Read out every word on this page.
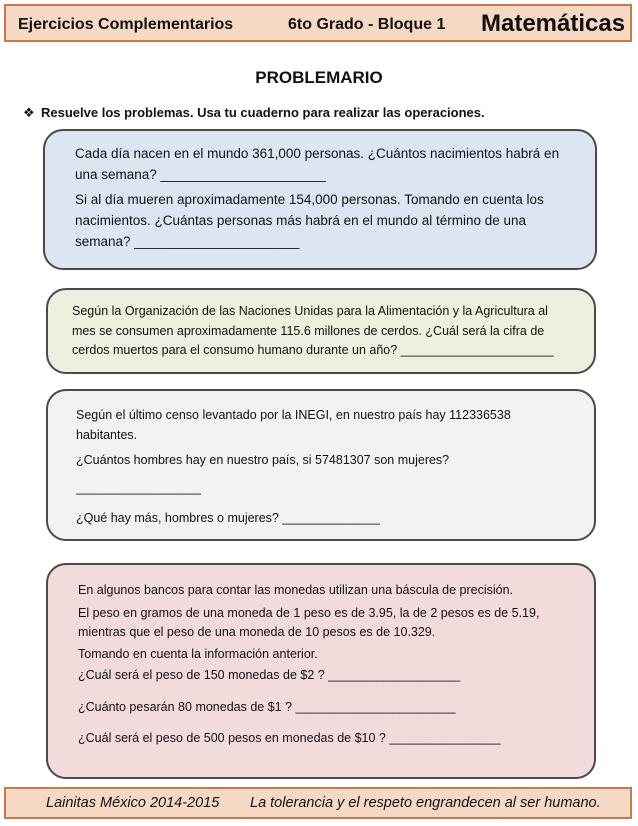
Ejercicios Complementarios	6to Grado - Bloque 1 Matemáticas
PROBLEMARIO
❖ Resuelve los problemas. Usa tu cuaderno para realizar las operaciones.

Cada día nacen en el mundo 361,000 personas. ¿Cuántos nacimientos habrá en una semana? ______________________

Si al día mueren aproximadamente 154,000 personas. Tomando en cuenta los nacimientos. ¿Cuántas personas más habrá en el mundo al término de una semana? ______________________

Según la Organización de las Naciones Unidas para la Alimentación y la Agricultura al mes se consumen aproximadamente 115.6 millones de cerdos. ¿Cuál será la cifra de cerdos muertos para el consumo humano durante un año? ______________________

Según el último censo levantado por la INEGI, en nuestro país hay 112336538 habitantes.

¿Cuántos hombres hay en nuestro país, si 57481307 son mujeres?

__________________

¿Qué hay más, hombres o mujeres? ______________

En algunos bancos para contar las monedas utilizan una báscula de precisión.

El peso en gramos de una moneda de 1 peso es de 3.95, la de 2 pesos es de 5.19, mientras que el peso de una moneda de 10 pesos es de 10.329.

Tomando en cuenta la información anterior.

¿Cuál será el peso de 150 monedas de $2 ? ___________________

¿Cuánto pesarán 80 monedas de $1 ? _______________________

¿Cuál será el peso de 500 pesos en monedas de $10 ? ________________

Lainitas México 2014-2015 La tolerancia y el respeto engrandecen al ser humano.
